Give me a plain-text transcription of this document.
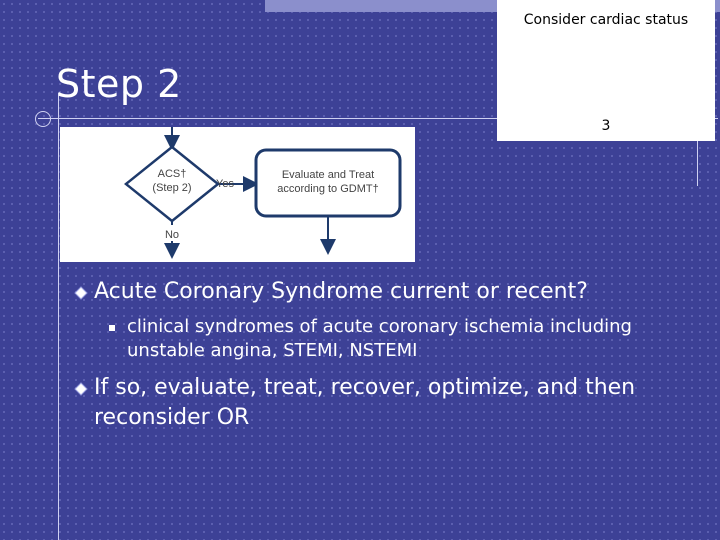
Step 2
Consider cardiac status
3
ACS†
(Step 2) Yes
Evaluate and Treat
according to GDMT†
No
Acute Coronary Syndrome current or recent?
clinical syndromes of acute coronary ischemia including unstable angina, STEMI, NSTEMI
If so, evaluate, treat, recover, optimize, and then reconsider OR
